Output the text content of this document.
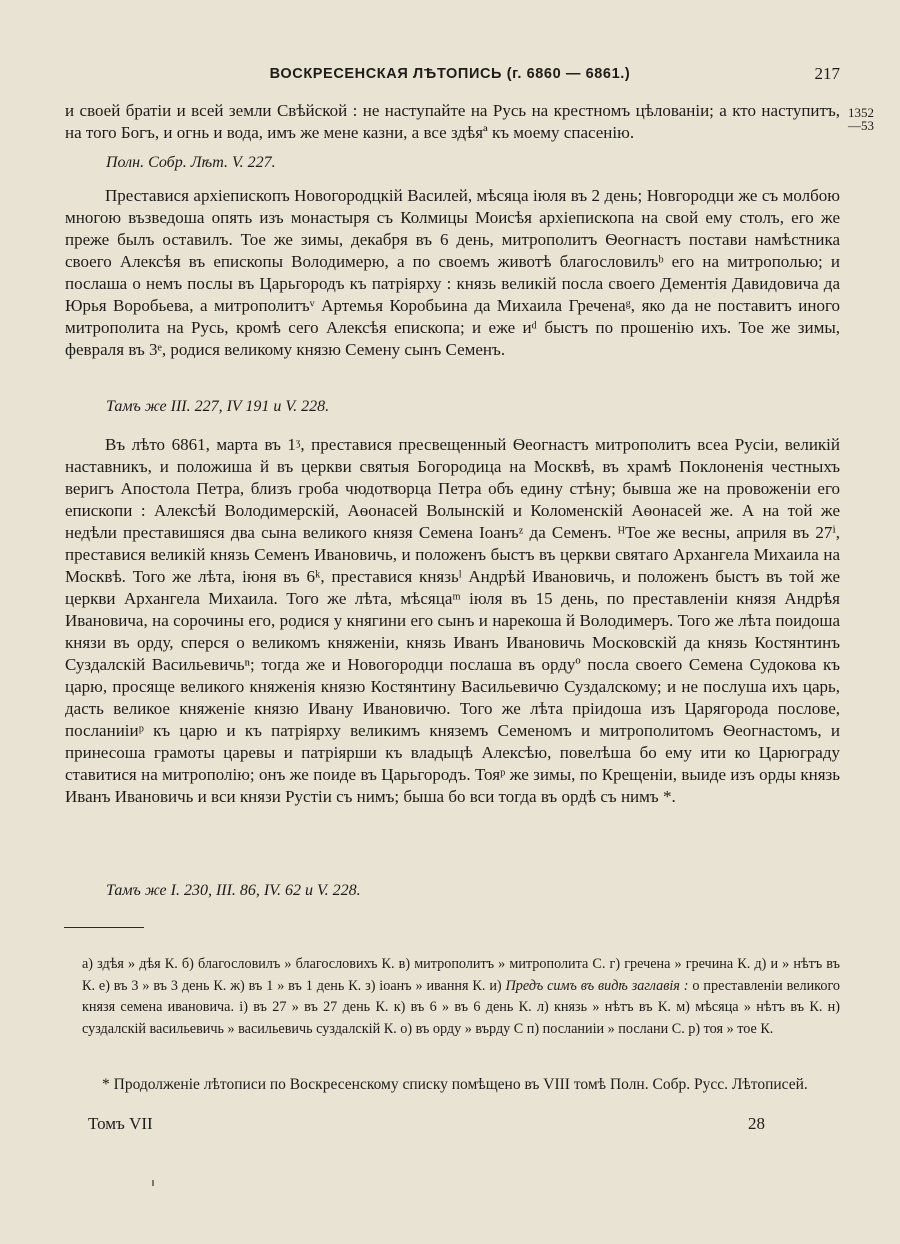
ВОСКРЕСЕНСКАЯ ЛѢТОПИСЬ (г. 6860 — 6861.)	217
1352
—53

и своей братіи и всей земли Свѣйской : не наступайте на Русь на крестномъ цѣлованіи; а кто наступитъ, на того Богъ, и огнь и вода, имъ же мене казни, а все здѣяª къ моему спасенію.

Полн. Собр. Лѣт. V. 227.

Преставися архіепископъ Новогородцкій Василей, мѣсяца іюля въ 2 день; Новгородци же съ молбою многою възведоша опять изъ монастыря съ Колмицы Моисѣя архіепископа на свой ему столъ, его же преже былъ оставилъ. Тое же зимы, декабря въ 6 день, митрополитъ Ѳеогнастъ постави намѣстника своего Алексѣя въ епископы Володимерю, а по своемъ животѣ благословилъᵇ его на митрополью; и послаша о немъ послы въ Царьгородъ къ патріярху : князь великій посла своего Дементія Давидовича да Юрья Воробьева, а митрополитъᵛ Артемья Коробьина да Михаила Греченаᵍ, яко да не поставитъ иного митрополита на Русь, кромѣ сего Алексѣя епископа; и еже иᵈ быстъ по прошенію ихъ. Тое же зимы, февраля въ 3ᵉ, родися великому князю Семену сынъ Семенъ.

Тамъ же III. 227, IV 191 и V. 228.

Въ лѣто 6861, марта въ 1ᶾ, преставися пресвещенный Ѳеогнастъ митрополитъ всеа Русіи, великій наставникъ, и положиша й въ церкви святыя Богородица на Москвѣ, въ храмѣ Поклоненія честныхъ веригъ Апостола Петра, близъ гроба чюдотворца Петра объ едину стѣну; бывша же на провоженіи его епископи : Алексѣй Володимерскій, Аѳонасей Волынскій и Коломенскій Аѳонасей же. А на той же недѣли преставишяся два сына великого князя Семена Іоанъᶻ да Семенъ. ᴴТое же весны, априля въ 27ⁱ, преставися великій князь Семенъ Ивановичь, и положенъ быстъ въ церкви святаго Архангела Михаила на Москвѣ. Того же лѣта, іюня въ 6ᵏ, преставися князьˡ Андрѣй Ивановичь, и положенъ быстъ въ той же церкви Архангела Михаила. Того же лѣта, мѣсяцаᵐ іюля въ 15 день, по преставленіи князя Андрѣя Ивановича, на сорочины его, родися у княгини его сынъ и нарекоша й Володимеръ. Того же лѣта поидоша князи въ орду, сперся о великомъ княженіи, князь Иванъ Ивановичь Московскій да князь Костянтинъ Суздалскій Васильевичьⁿ; тогда же и Новогородци послаша въ ордуº посла своего Семена Судокова къ царю, просяще великого княженія князю Костянтину Васильевичю Суздалскому; и не послуша ихъ царь, дасть великое княженіе князю Ивану Ивановичю. Того же лѣта пріидоша изъ Царягорода послове, посланиіиᵖ къ царю и къ патріярху великимъ княземъ Семеномъ и митрополитомъ Ѳеогнастомъ, и принесоша грамоты царевы и патріярши къ владыцѣ Алексѣю, повелѣша бо ему ити ко Царюграду ставитися на митрополію; онъ же поиде въ Царьгородъ. Тояᵖ же зимы, по Крещеніи, выиде изъ орды князь Иванъ Ивановичь и вси князи Рустіи съ нимъ; быша бо вси тогда въ ордѣ съ нимъ *.

Тамъ же I. 230, III. 86, IV. 62 и V. 228.
а) здѣя » дѣя К. б) благословилъ » благословихъ К. в) митрополитъ » митрополита С. г) гречена » гречина К. д) и » нѣтъ въ К. е) въ 3 » въ 3 день К. ж) въ 1 » въ 1 день К. з) іоанъ » ивання К. и) Предъ симъ въ видѣ заглавія : о преставленіи великого князя семена ивановича. і) въ 27 » въ 27 день К. к) въ 6 » въ 6 день К. л) князь » нѣтъ въ К. м) мѣсяца » нѣтъ въ К. н) суздалскій васильевичь » васильевичь суздалскій К. о) въ орду » върду С п) посланиіи » послани С. р) тоя » тое К.
* Продолженіе лѣтописи по Воскресенскому списку помѣщено въ VIII томѣ Полн. Собр. Русс. Лѣтописей.
Томъ VII	28
